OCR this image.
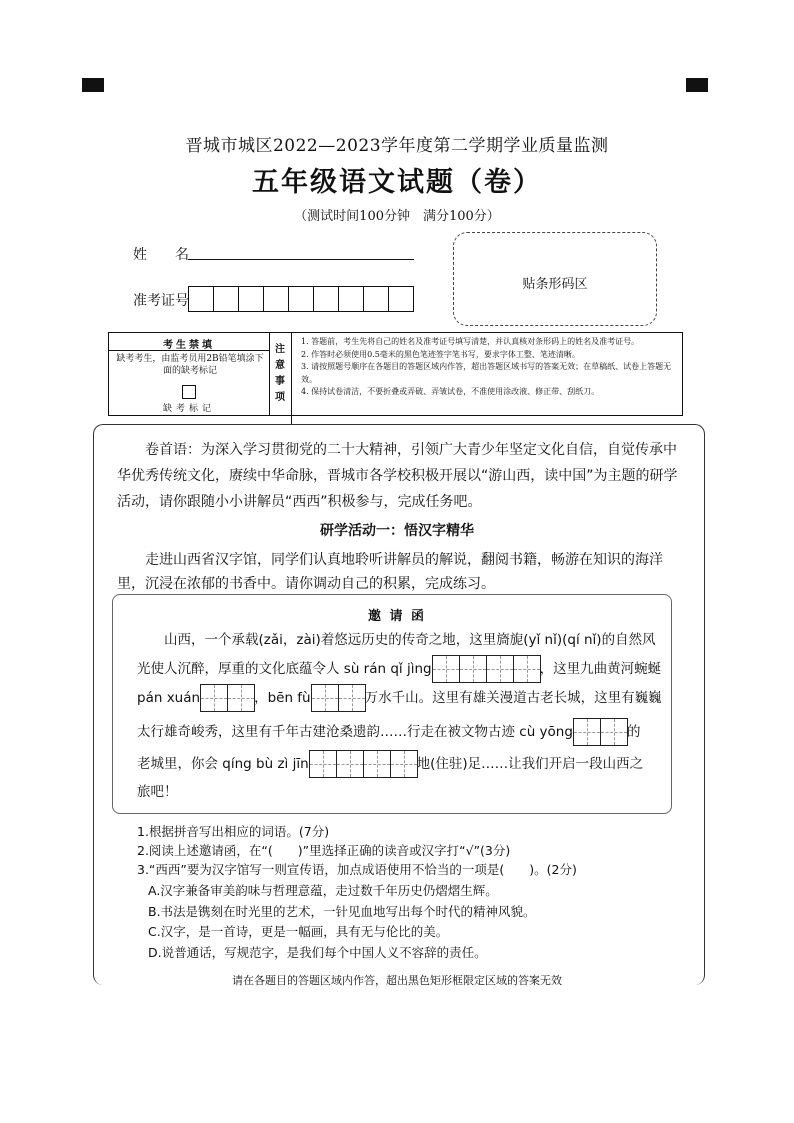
晋城市城区2022—2023学年度第二学期学业质量监测
五年级语文试题（卷）
（测试时间100分钟　满分100分）
姓　　名
准考证号
贴条形码区
考生禁填
缺考考生，由监考员用2B铅笔填涂下面的缺考标记
缺考标记
注
意
事
项
1. 答题前，考生先将自己的姓名及准考证号填写清楚，并认真核对条形码上的姓名及准考证号。
2. 作答时必须使用0.5毫米的黑色笔迹签字笔书写，要求字体工整、笔迹清晰。
3. 请按照题号顺序在各题目的答题区域内作答，超出答题区域书写的答案无效；在草稿纸、试卷上答题无效。
4. 保持试卷清洁，不要折叠或弄破、弄皱试卷，不准使用涂改液、修正带、刮纸刀。
卷首语：为深入学习贯彻党的二十大精神，引领广大青少年坚定文化自信，自觉传承中华优秀传统文化，赓续中华命脉，晋城市各学校积极开展以“游山西，读中国”为主题的研学活动，请你跟随小小讲解员“西西”积极参与，完成任务吧。
研学活动一：悟汉字精华
走进山西省汉字馆，同学们认真地聆听讲解员的解说，翻阅书籍，畅游在知识的海洋里，沉浸在浓郁的书香中。请你调动自己的积累，完成练习。
邀 请 函
山西，一个承载(zǎi，zài)着悠远历史的传奇之地，这里旖旎(yǐ nǐ)(qí nǐ)的自然风
光使人沉醉，厚重的文化底蕴令人 sù rán qǐ jìng	，这里九曲黄河蜿蜒
pán xuán	，bēn fù	万水千山。这里有雄关漫道古老长城，这里有巍巍
太行雄奇峻秀，这里有千年古建沧桑遗韵……行走在被文物古迹 cù yōng	的
老城里，你会 qíng bù zì jīn	地(住驻)足……让我们开启一段山西之
旅吧！
1.根据拼音写出相应的词语。(7分)
2.阅读上述邀请函，在“(　　)”里选择正确的读音或汉字打“√”(3分)
3.“西西”要为汉字馆写一则宣传语，加点成语使用不恰当的一项是(　　)。(2分)
A.汉字兼备审美韵味与哲理意蕴，走过数千年历史仍熠熠生辉。
B.书法是镌刻在时光里的艺术，一针见血地写出每个时代的精神风貌。
C.汉字，是一首诗，更是一幅画，具有无与伦比的美。
D.说普通话，写规范字，是我们每个中国人义不容辞的责任。
请在各题目的答题区域内作答，超出黑色矩形框限定区域的答案无效
